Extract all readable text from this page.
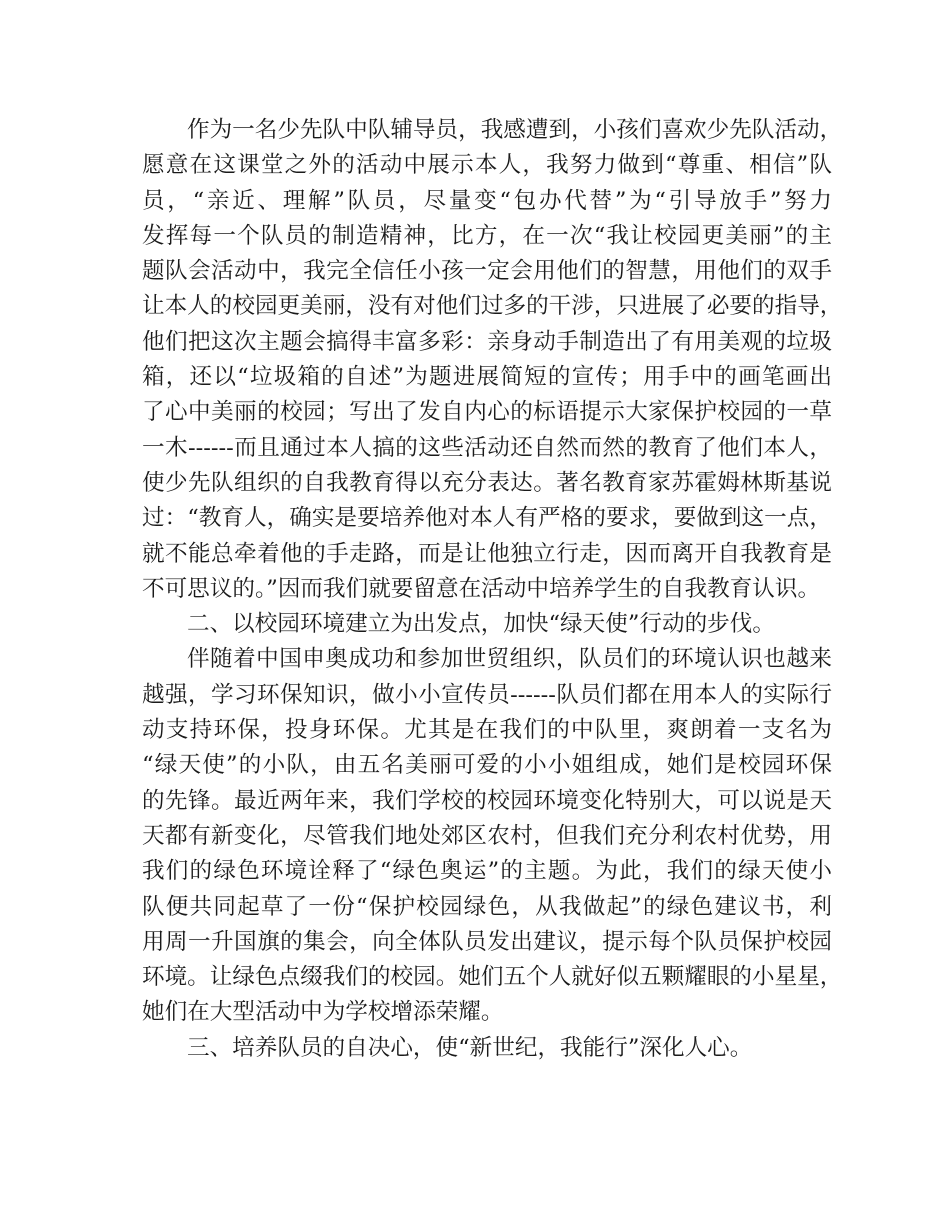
作为一名少先队中队辅导员，我感遭到，小孩们喜欢少先队活动，
愿意在这课堂之外的活动中展示本人，我努力做到“尊重、相信”队
员，“亲近、理解”队员，尽量变“包办代替”为“引导放手”努力
发挥每一个队员的制造精神，比方，在一次“我让校园更美丽”的主
题队会活动中，我完全信任小孩一定会用他们的智慧，用他们的双手
让本人的校园更美丽，没有对他们过多的干涉，只进展了必要的指导，
他们把这次主题会搞得丰富多彩：亲身动手制造出了有用美观的垃圾
箱，还以“垃圾箱的自述”为题进展简短的宣传；用手中的画笔画出
了心中美丽的校园；写出了发自内心的标语提示大家保护校园的一草
一木------而且通过本人搞的这些活动还自然而然的教育了他们本人，
使少先队组织的自我教育得以充分表达。著名教育家苏霍姆林斯基说
过：“教育人，确实是要培养他对本人有严格的要求，要做到这一点，
就不能总牵着他的手走路，而是让他独立行走，因而离开自我教育是
不可思议的。”因而我们就要留意在活动中培养学生的自我教育认识。
二、以校园环境建立为出发点，加快“绿天使”行动的步伐。
伴随着中国申奥成功和参加世贸组织，队员们的环境认识也越来
越强，学习环保知识，做小小宣传员------队员们都在用本人的实际行
动支持环保，投身环保。尤其是在我们的中队里，爽朗着一支名为
“绿天使”的小队，由五名美丽可爱的小小姐组成，她们是校园环保
的先锋。最近两年来，我们学校的校园环境变化特别大，可以说是天
天都有新变化，尽管我们地处郊区农村，但我们充分利农村优势，用
我们的绿色环境诠释了“绿色奥运”的主题。为此，我们的绿天使小
队便共同起草了一份“保护校园绿色，从我做起”的绿色建议书，利
用周一升国旗的集会，向全体队员发出建议，提示每个队员保护校园
环境。让绿色点缀我们的校园。她们五个人就好似五颗耀眼的小星星，
她们在大型活动中为学校增添荣耀。
三、培养队员的自决心，使“新世纪，我能行”深化人心。
